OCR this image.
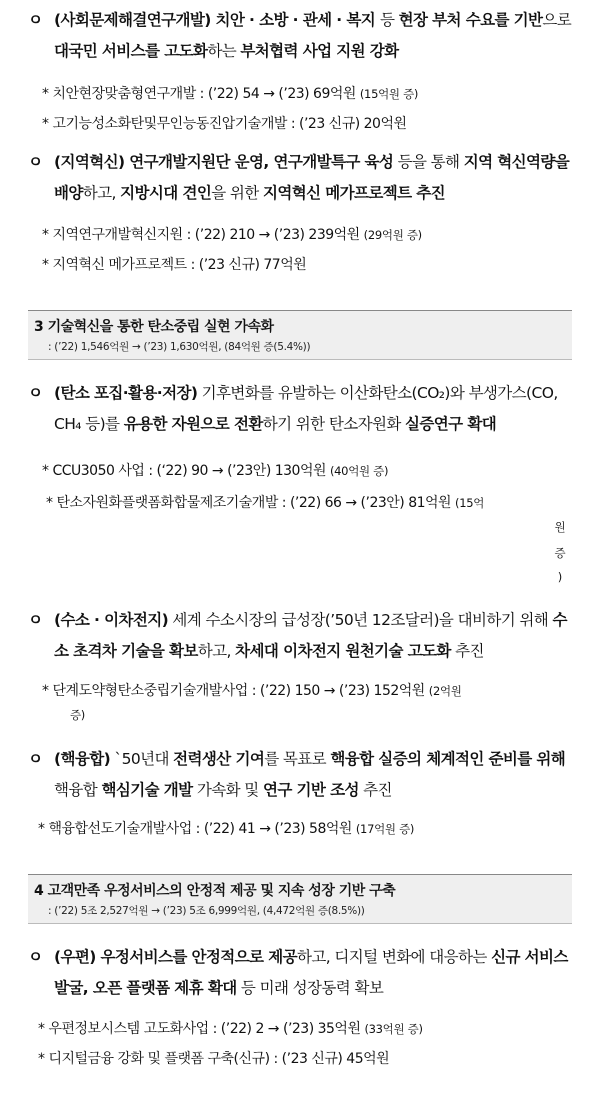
ㅇ (사회문제해결연구개발) 치안 · 소방 · 관세 · 복지 등 현장 부처 수요를 기반으로 대국민 서비스를 고도화하는 부처협력 사업 지원 강화
* 치안현장맞춤형연구개발 : (’22) 54 → (’23) 69억원 (15억원 증)
* 고기능성소화탄및무인능동진압기술개발 : (’23 신규) 20억원
ㅇ (지역혁신) 연구개발지원단 운영, 연구개발특구 육성 등을 통해 지역 혁신역량을 배양하고, 지방시대 견인을 위한 지역혁신 메가프로젝트 추진
* 지역연구개발혁신지원 : (’22) 210 → (’23) 239억원 (29억원 증)
* 지역혁신 메가프로젝트 : (’23 신규) 77억원
3 기술혁신을 통한 탄소중립 실현 가속화
: (’22) 1,546억원 → (’23) 1,630억원, (84억원 증(5.4%))
ㅇ (탄소 포집·활용·저장) 기후변화를 유발하는 이산화탄소(CO₂)와 부생가스(CO, CH₄ 등)를 유용한 자원으로 전환하기 위한 탄소자원화 실증연구 확대
* CCU3050 사업 : (‘22) 90 → (’23안) 130억원 (40억원 증)
* 탄소자원화플랫폼화합물제조기술개발 : (’22) 66 → (’23안) 81억원 (15억
원
증
)
ㅇ (수소 · 이차전지) 세계 수소시장의 급성장(’50년 12조달러)을 대비하기 위해 수소 초격차 기술을 확보하고, 차세대 이차전지 원천기술 고도화 추진
* 단계도약형탄소중립기술개발사업 : (’22) 150 → (’23) 152억원 (2억원
증)
ㅇ (핵융합) `50년대 전력생산 기여를 목표로 핵융합 실증의 체계적인 준비를 위해 핵융합 핵심기술 개발 가속화 및 연구 기반 조성 추진
* 핵융합선도기술개발사업 : (’22) 41 → (’23) 58억원 (17억원 증)
4 고객만족 우정서비스의 안정적 제공 및 지속 성장 기반 구축
: (’22) 5조 2,527억원 → (’23) 5조 6,999억원, (4,472억원 증(8.5%))
ㅇ (우편) 우정서비스를 안정적으로 제공하고, 디지털 변화에 대응하는 신규 서비스 발굴, 오픈 플랫폼 제휴 확대 등 미래 성장동력 확보
* 우편정보시스템 고도화사업 : (’22) 2 → (’23) 35억원 (33억원 증)
* 디지털금융 강화 및 플랫폼 구축(신규) : (’23 신규) 45억원
